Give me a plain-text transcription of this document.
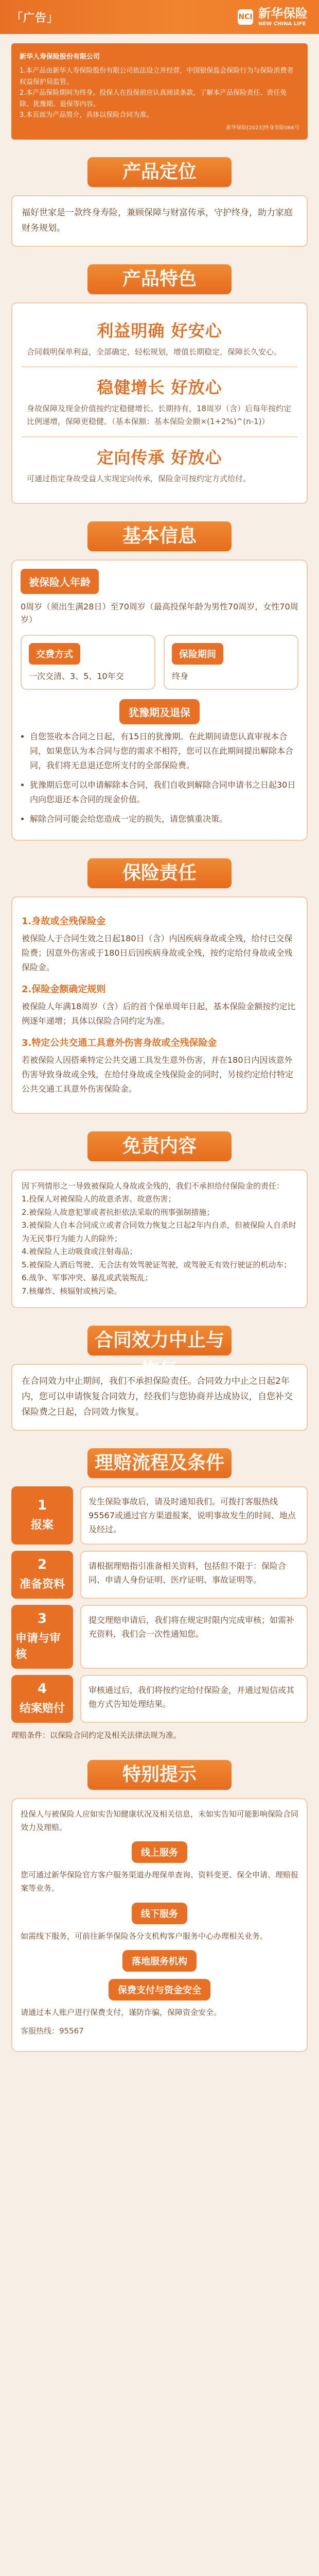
「广告」	NCI 新华保险
NEW CHINA LIFE
新华人寿保险股份有限公司
1.本产品由新华人寿保险股份有限公司依法设立并经营，中国银保监会保险行为与保险消费者权益保护局监管。
2.本产品保险期间为终身。投保人在投保前应认真阅读条款，了解本产品保险责任、责任免除、犹豫期、退保等内容。
3.本页面为产品简介，具体以保险合同为准。
新华保险[2023]终身寿险066号
产品定位

福好世家是一款终身寿险，兼顾保障与财富传承，守护终身，助力家庭财务规划。

产品特色
利益明确 好安心
合同载明保单利益，全部确定，轻松规划，增值长期稳定，保障长久安心。
稳健增长 好放心
身故保障及现金价值按约定稳健增长。长期持有，18周岁（含）后每年按约定比例递增，保障更稳健。（基本保额：基本保险金额×(1+2%)^(n-1)）
定向传承 好放心
可通过指定身故受益人实现定向传承，保险金可按约定方式给付。
基本信息
被保险人年龄
0周岁（须出生满28日）至70周岁（最高投保年龄为男性70周岁，女性70周岁）
交费方式
一次交清、3、5、10年交
保险期间
终身
犹豫期及退保
• 自您签收本合同之日起，有15日的犹豫期。在此期间请您认真审视本合同，如果您认为本合同与您的需求不相符，您可以在此期间提出解除本合同，我们将无息退还您所支付的全部保险费。
• 犹豫期后您可以申请解除本合同，我们自收到解除合同申请书之日起30日内向您退还本合同的现金价值。
• 解除合同可能会给您造成一定的损失，请您慎重决策。
保险责任
1.身故或全残保险金
被保险人于合同生效之日起180日（含）内因疾病身故或全残，给付已交保险费；因意外伤害或于180日后因疾病身故或全残，按约定给付身故或全残保险金。
2.保险金额确定规则
被保险人年满18周岁（含）后的首个保单周年日起，基本保险金额按约定比例逐年递增；具体以保险合同约定为准。
3.特定公共交通工具意外伤害身故或全残保险金
若被保险人因搭乘特定公共交通工具发生意外伤害，并在180日内因该意外伤害导致身故或全残，在给付身故或全残保险金的同时，另按约定给付特定公共交通工具意外伤害保险金。
免责内容
因下列情形之一导致被保险人身故或全残的，我们不承担给付保险金的责任：
1.投保人对被保险人的故意杀害、故意伤害；
2.被保险人故意犯罪或者抗拒依法采取的刑事强制措施；
3.被保险人自本合同成立或者合同效力恢复之日起2年内自杀，但被保险人自杀时为无民事行为能力人的除外；
4.被保险人主动吸食或注射毒品；
5.被保险人酒后驾驶、无合法有效驾驶证驾驶，或驾驶无有效行驶证的机动车；
6.战争、军事冲突、暴乱或武装叛乱；
7.核爆炸、核辐射或核污染。
合同效力中止与恢复

在合同效力中止期间，我们不承担保险责任。合同效力中止之日起2年内，您可以申请恢复合同效力，经我们与您协商并达成协议，自您补交保险费之日起，合同效力恢复。

理赔流程及条件
1
报案
发生保险事故后，请及时通知我们。可拨打客服热线95567或通过官方渠道报案，说明事故发生的时间、地点及经过。
2
准备资料
请根据理赔指引准备相关资料，包括但不限于：保险合同、申请人身份证明、医疗证明、事故证明等。
3
申请与审核
提交理赔申请后，我们将在规定时限内完成审核；如需补充资料，我们会一次性通知您。
4
结案赔付
审核通过后，我们将按约定给付保险金，并通过短信或其他方式告知处理结果。
理赔条件：以保险合同约定及相关法律法规为准。
特别提示

投保人与被保险人应如实告知健康状况及相关信息，未如实告知可能影响保险合同效力及理赔。

线上服务

您可通过新华保险官方客户服务渠道办理保单查询、资料变更、保全申请、理赔报案等业务。

线下服务

如需线下服务，可前往新华保险各分支机构客户服务中心办理相关业务。

落地服务机构
保费支付与资金安全

请通过本人账户进行保费支付，谨防诈骗，保障资金安全。

客服热线：95567
